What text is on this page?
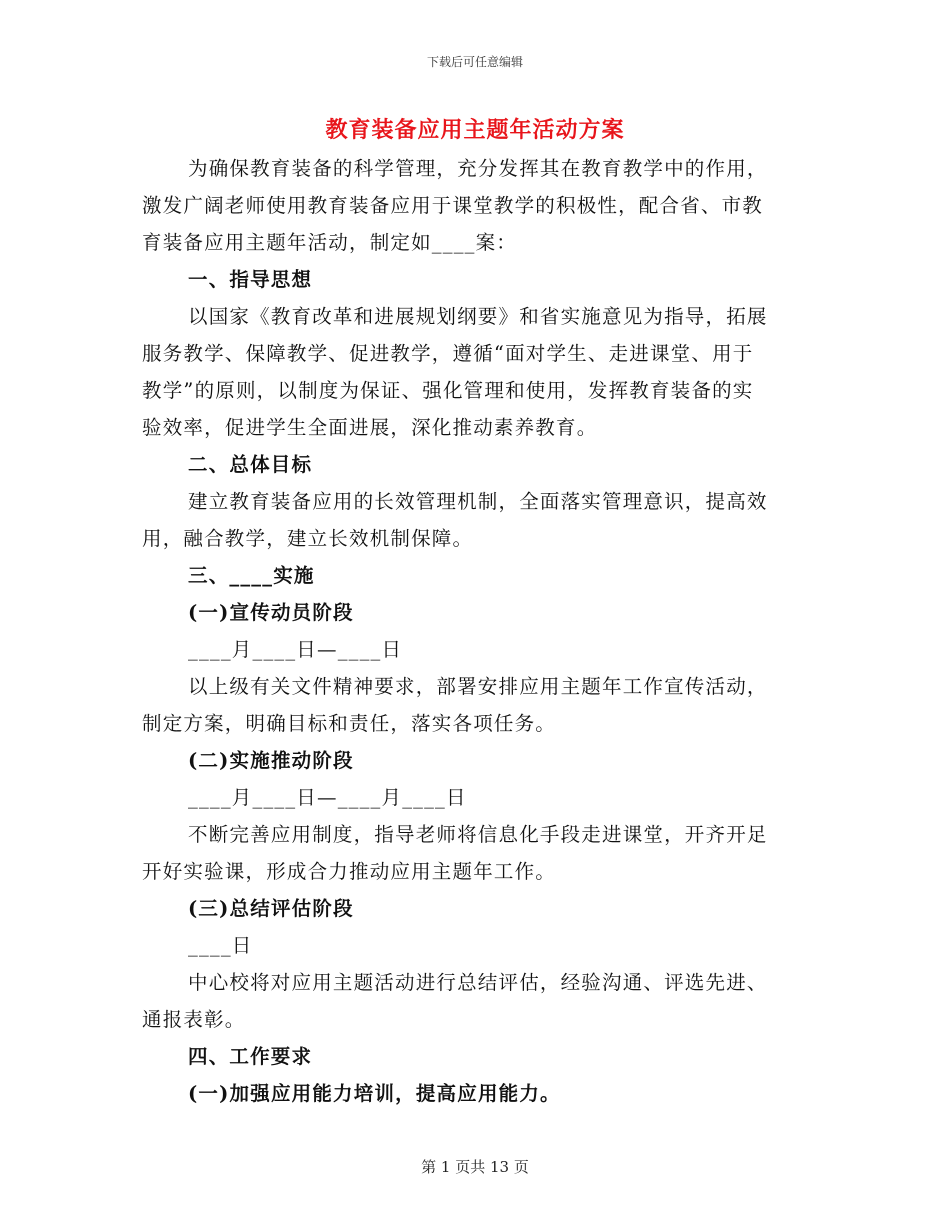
下载后可任意编辑
教育装备应用主题年活动方案
为确保教育装备的科学管理，充分发挥其在教育教学中的作用，
激发广阔老师使用教育装备应用于课堂教学的积极性，配合省、市教
育装备应用主题年活动，制定如____案：
一、指导思想
以国家《教育改革和进展规划纲要》和省实施意见为指导，拓展
服务教学、保障教学、促进教学，遵循“面对学生、走进课堂、用于
教学”的原则，以制度为保证、强化管理和使用，发挥教育装备的实
验效率，促进学生全面进展，深化推动素养教育。
二、总体目标
建立教育装备应用的长效管理机制，全面落实管理意识，提高效
用，融合教学，建立长效机制保障。
三、____实施
(一)宣传动员阶段
____月____日—____日
以上级有关文件精神要求，部署安排应用主题年工作宣传活动，
制定方案，明确目标和责任，落实各项任务。
(二)实施推动阶段
____月____日—____月____日
不断完善应用制度，指导老师将信息化手段走进课堂，开齐开足
开好实验课，形成合力推动应用主题年工作。
(三)总结评估阶段
____日
中心校将对应用主题活动进行总结评估，经验沟通、评选先进、
通报表彰。
四、工作要求
(一)加强应用能力培训，提高应用能力。
第 1 页共 13 页
